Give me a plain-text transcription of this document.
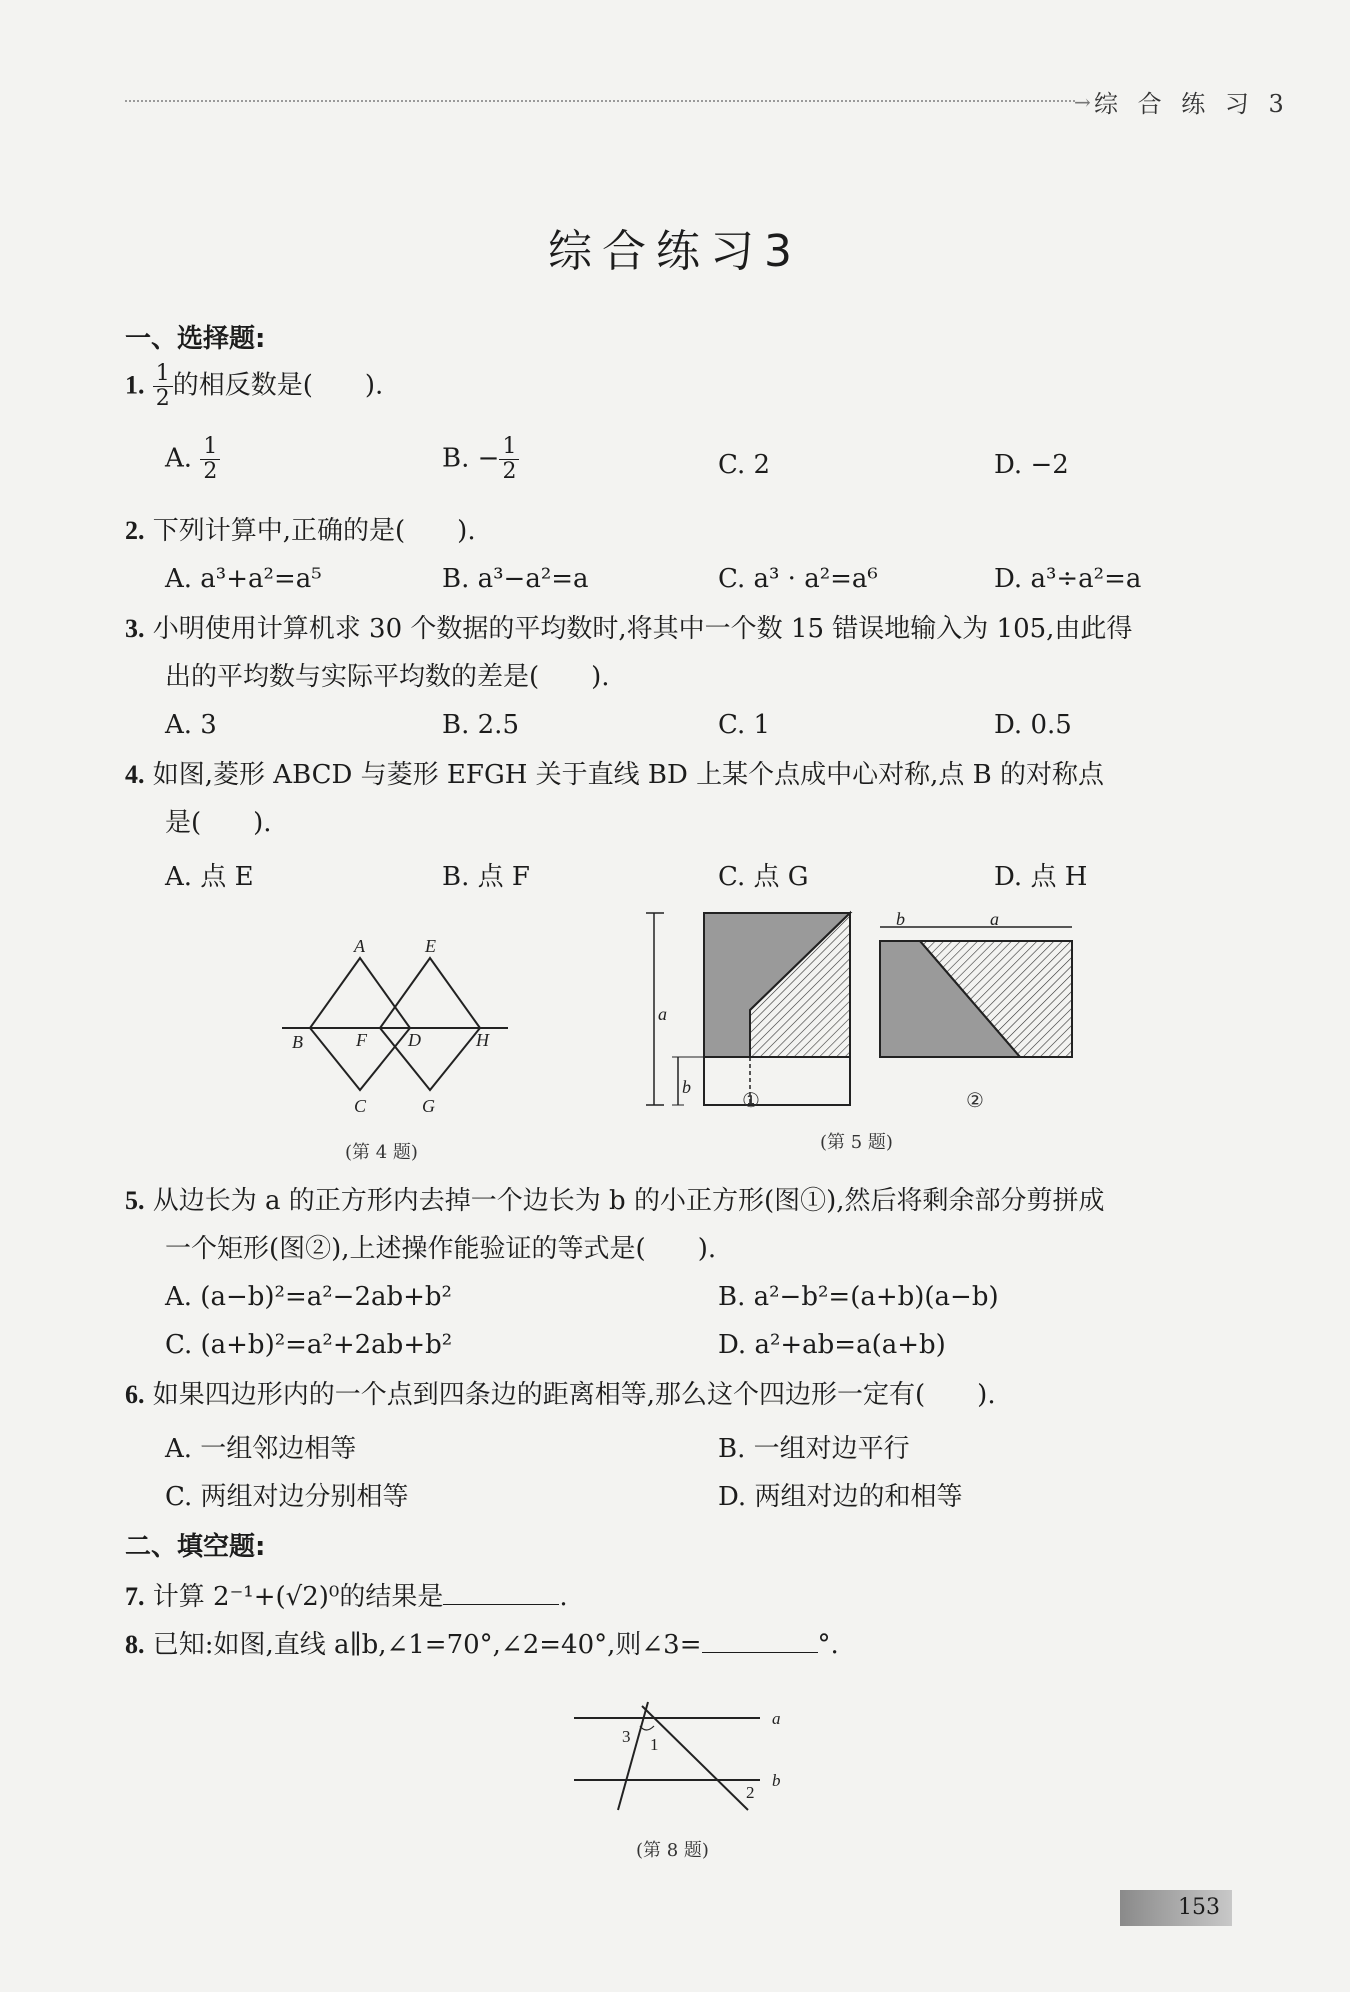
→ 综 合 练 习 3
综合练习3
一、选择题:
1. $\frac{1}{2}$ 的相反数是(　　).
A. $\frac{1}{2}$	B. − $\frac{1}{2}$	C. 2	D. −2
2. 下列计算中,正确的是(　　).
A. a³+a²=a⁵	B. a³−a²=a	C. a³ · a²=a⁶	D. a³÷a²=a
3. 小明使用计算机求 30 个数据的平均数时,将其中一个数 15 错误地输入为 105,由此得
出的平均数与实际平均数的差是(　　).
A. 3	B. 2.5	C. 1	D. 0.5
4. 如图,菱形 ABCD 与菱形 EFGH 关于直线 BD 上某个点成中心对称,点 B 的对称点
是(　　).
A. 点 E	B. 点 F	C. 点 G	D. 点 H
A	E
B	F D	H
C	G
(第 4 题)
a
b
b	a
①	②
(第 5 题)
5. 从边长为 a 的正方形内去掉一个边长为 b 的小正方形(图①),然后将剩余部分剪拼成
一个矩形(图②),上述操作能验证的等式是(　　).
A. (a−b)²=a²−2ab+b²	B. a²−b²=(a+b)(a−b)
C. (a+b)²=a²+2ab+b²	D. a²+ab=a(a+b)
6. 如果四边形内的一个点到四条边的距离相等,那么这个四边形一定有(　　).
A. 一组邻边相等	B. 一组对边平行
C. 两组对边分别相等	D. 两组对边的和相等
二、填空题:
7. 计算 2⁻¹+(√2)⁰的结果是	.
8. 已知:如图,直线 a∥b,∠1=70°,∠2=40°,则∠3=	°.
a
b
1
2
3
(第 8 题)
153
